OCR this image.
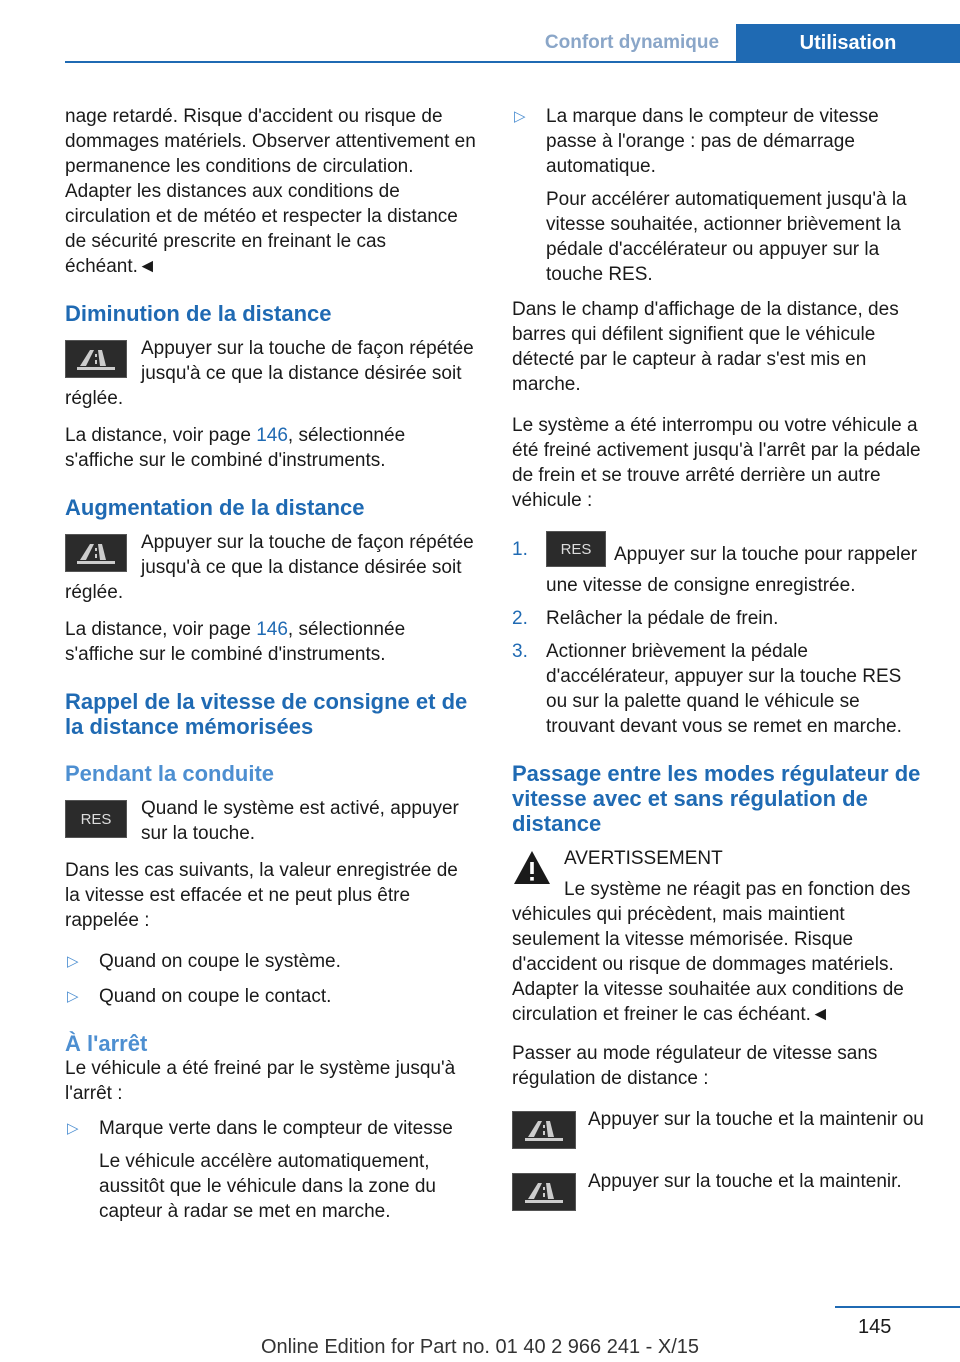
Confort dynamique	Utilisation

nage retardé. Risque d'accident ou risque de dommages matériels. Observer attentivement en permanence les conditions de circulation. Adapter les distances aux conditions de circulation et de météo et respecter la distance de sécurité prescrite en freinant le cas échéant.◄

Diminution de la distance
Appuyer sur la touche de façon répétée jusqu'à ce que la distance désirée soit réglée.

La distance, voir page 146, sélectionnée s'affiche sur le combiné d'instruments.

Augmentation de la distance
Appuyer sur la touche de façon répétée jusqu'à ce que la distance désirée soit réglée.

La distance, voir page 146, sélectionnée s'affiche sur le combiné d'instruments.

Rappel de la vitesse de consigne et de la distance mémorisées
Pendant la conduite
RES	Quand le système est activé, appuyer sur la touche.

Dans les cas suivants, la valeur enregistrée de la vitesse est effacée et ne peut plus être rappelée :

▷ Quand on coupe le système.
▷ Quand on coupe le contact.
À l'arrêt

Le véhicule a été freiné par le système jusqu'à l'arrêt :

▷ Marque verte dans le compteur de vitesse
Le véhicule accélère automatiquement, aussitôt que le véhicule dans la zone du capteur à radar se met en marche.
▷ La marque dans le compteur de vitesse passe à l'orange : pas de démarrage automatique.
Pour accélérer automatiquement jusqu'à la vitesse souhaitée, actionner brièvement la pédale d'accélérateur ou appuyer sur la touche RES.

Dans le champ d'affichage de la distance, des barres qui défilent signifient que le véhicule détecté par le capteur à radar s'est mis en marche.

Le système a été interrompu ou votre véhicule a été freiné activement jusqu'à l'arrêt par la pédale de frein et se trouve arrêté derrière un autre véhicule :

1. RES Appuyer sur la touche pour rappeler une vitesse de consigne enregistrée.
2. Relâcher la pédale de frein.
3. Actionner brièvement la pédale d'accélérateur, appuyer sur la touche RES ou sur la palette quand le véhicule se trouvant devant vous se remet en marche.
Passage entre les modes régulateur de vitesse avec et sans régulation de distance
AVERTISSEMENT
Le système ne réagit pas en fonction des véhicules qui précèdent, mais maintient seulement la vitesse mémorisée. Risque d'accident ou risque de dommages matériels. Adapter la vitesse souhaitée aux conditions de circulation et freiner le cas échéant.◄

Passer au mode régulateur de vitesse sans régulation de distance :

Appuyer sur la touche et la maintenir ou
Appuyer sur la touche et la maintenir.
145
Online Edition for Part no. 01 40 2 966 241 - X/15
